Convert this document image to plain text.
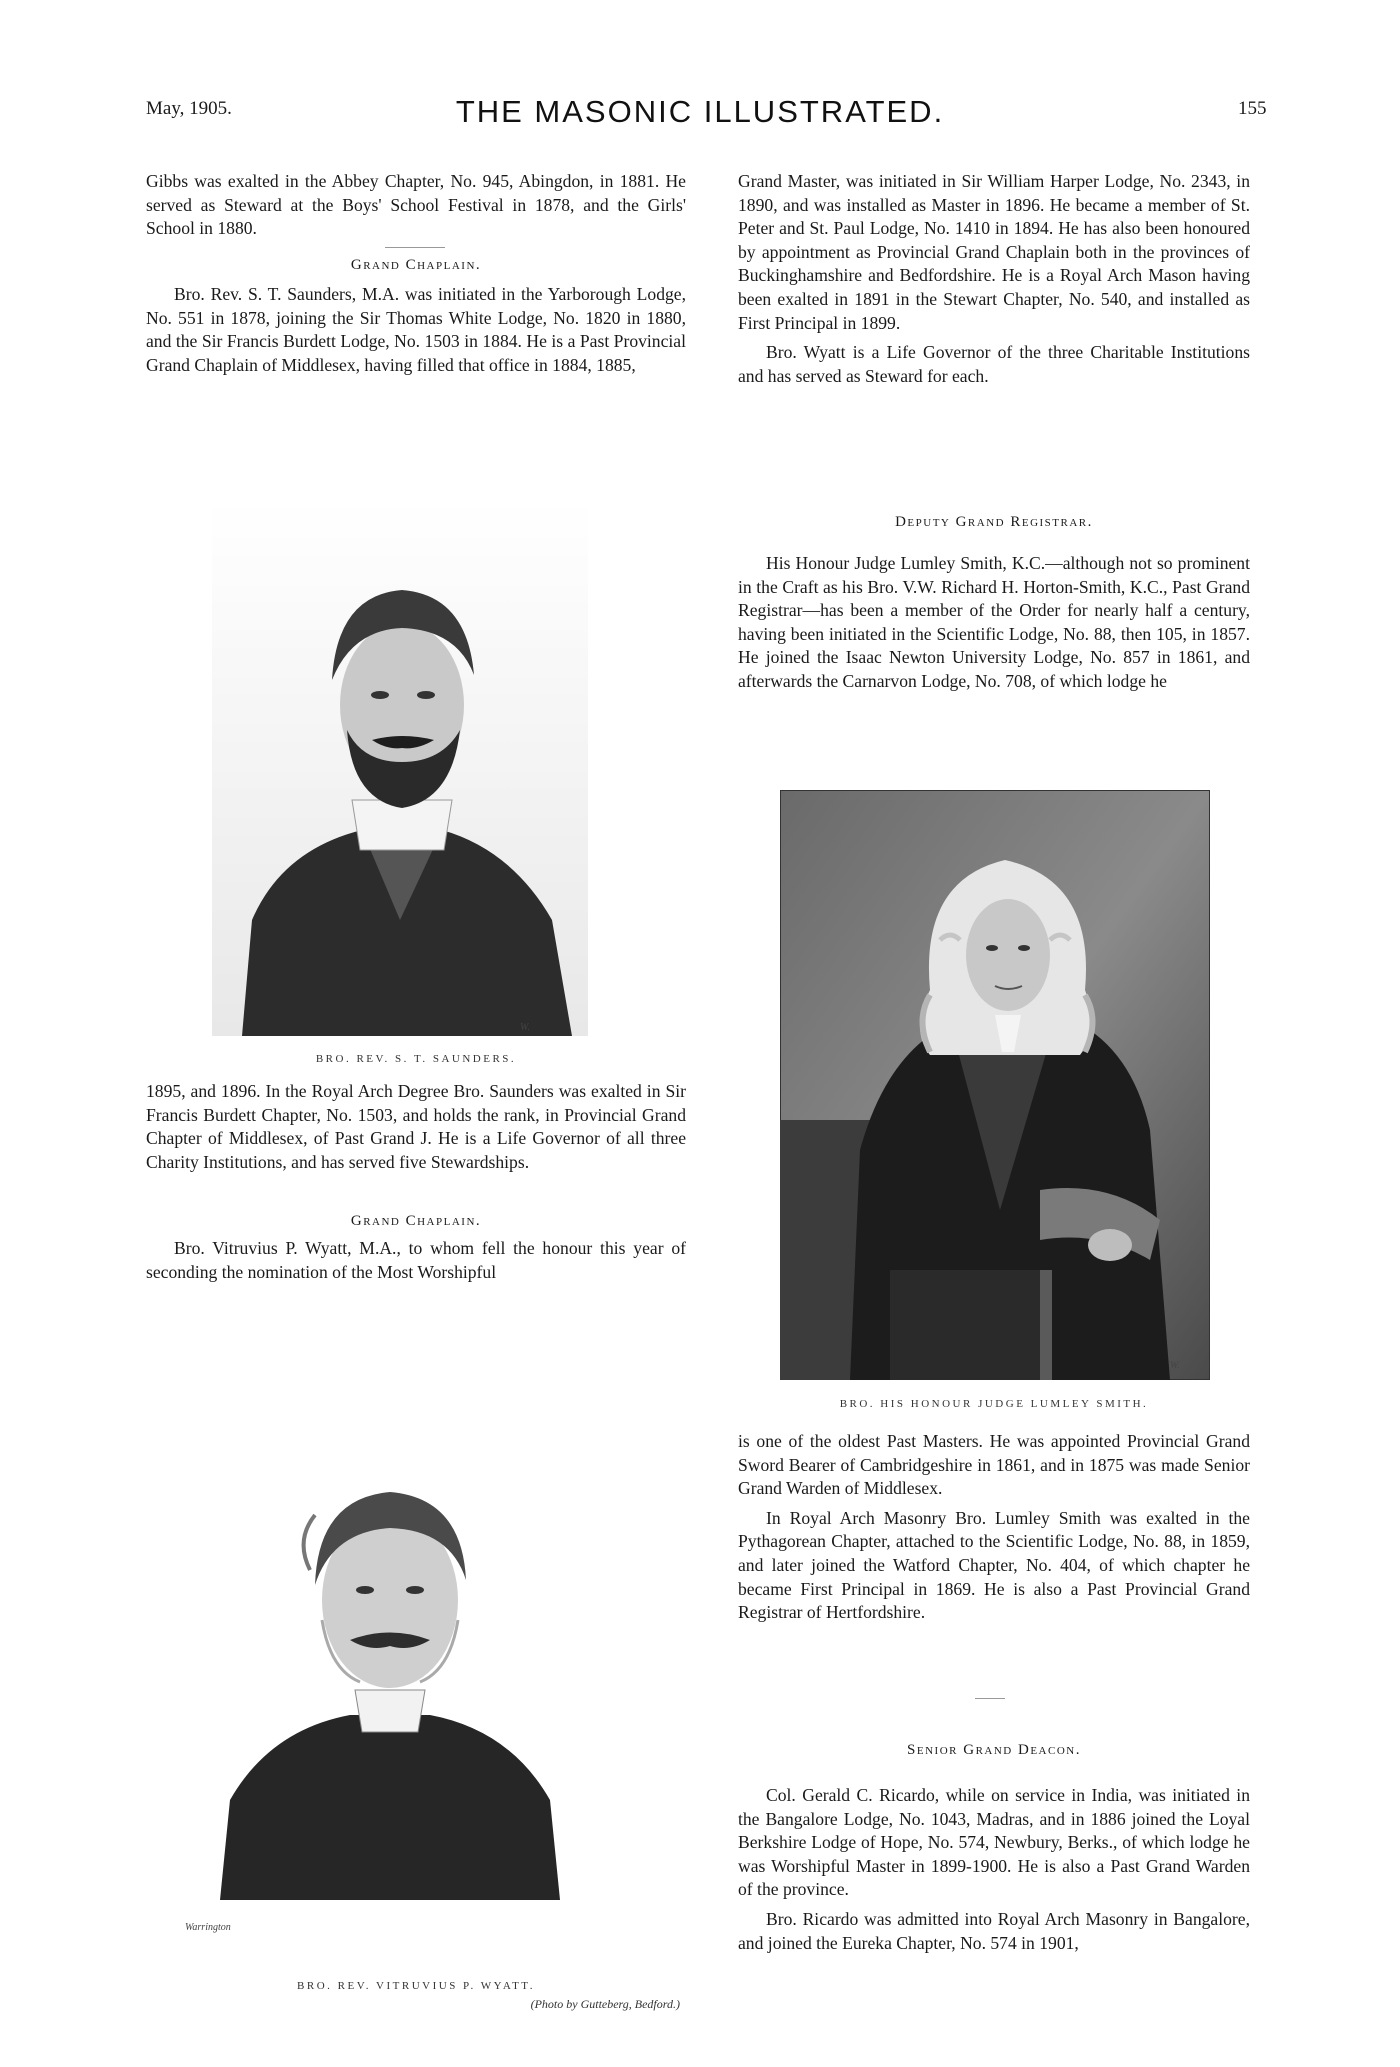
May, 1905.	THE MASONIC ILLUSTRATED.	155

Gibbs was exalted in the Abbey Chapter, No. 945, Abingdon, in 1881. He served as Steward at the Boys' School Festival in 1878, and the Girls' School in 1880.

Grand Chaplain.

Bro. Rev. S. T. Saunders, M.A. was initiated in the Yarborough Lodge, No. 551 in 1878, joining the Sir Thomas White Lodge, No. 1820 in 1880, and the Sir Francis Burdett Lodge, No. 1503 in 1884. He is a Past Provincial Grand Chaplain of Middlesex, having filled that office in 1884, 1885,

W.
BRO. REV. S. T. SAUNDERS.

1895, and 1896. In the Royal Arch Degree Bro. Saunders was exalted in Sir Francis Burdett Chapter, No. 1503, and holds the rank, in Provincial Grand Chapter of Middlesex, of Past Grand J. He is a Life Governor of all three Charity Institutions, and has served five Stewardships.

Grand Chaplain.

Bro. Vitruvius P. Wyatt, M.A., to whom fell the honour this year of seconding the nomination of the Most Worshipful

Warrington
BRO. REV. VITRUVIUS P. WYATT.
(Photo by Gutteberg, Bedford.)

Grand Master, was initiated in Sir William Harper Lodge, No. 2343, in 1890, and was installed as Master in 1896. He became a member of St. Peter and St. Paul Lodge, No. 1410 in 1894. He has also been honoured by appointment as Provincial Grand Chaplain both in the provinces of Buckinghamshire and Bedfordshire. He is a Royal Arch Mason having been exalted in 1891 in the Stewart Chapter, No. 540, and installed as First Principal in 1899.

Bro. Wyatt is a Life Governor of the three Charitable Institutions and has served as Steward for each.

Deputy Grand Registrar.

His Honour Judge Lumley Smith, K.C.—although not so prominent in the Craft as his Bro. V.W. Richard H. Horton-Smith, K.C., Past Grand Registrar—has been a member of the Order for nearly half a century, having been initiated in the Scientific Lodge, No. 88, then 105, in 1857. He joined the Isaac Newton University Lodge, No. 857 in 1861, and afterwards the Carnarvon Lodge, No. 708, of which lodge he

W.
BRO. HIS HONOUR JUDGE LUMLEY SMITH.

is one of the oldest Past Masters. He was appointed Provincial Grand Sword Bearer of Cambridgeshire in 1861, and in 1875 was made Senior Grand Warden of Middlesex.

In Royal Arch Masonry Bro. Lumley Smith was exalted in the Pythagorean Chapter, attached to the Scientific Lodge, No. 88, in 1859, and later joined the Watford Chapter, No. 404, of which chapter he became First Principal in 1869. He is also a Past Provincial Grand Registrar of Hertfordshire.

Senior Grand Deacon.

Col. Gerald C. Ricardo, while on service in India, was initiated in the Bangalore Lodge, No. 1043, Madras, and in 1886 joined the Loyal Berkshire Lodge of Hope, No. 574, Newbury, Berks., of which lodge he was Worshipful Master in 1899-1900. He is also a Past Grand Warden of the province.

Bro. Ricardo was admitted into Royal Arch Masonry in Bangalore, and joined the Eureka Chapter, No. 574 in 1901,
